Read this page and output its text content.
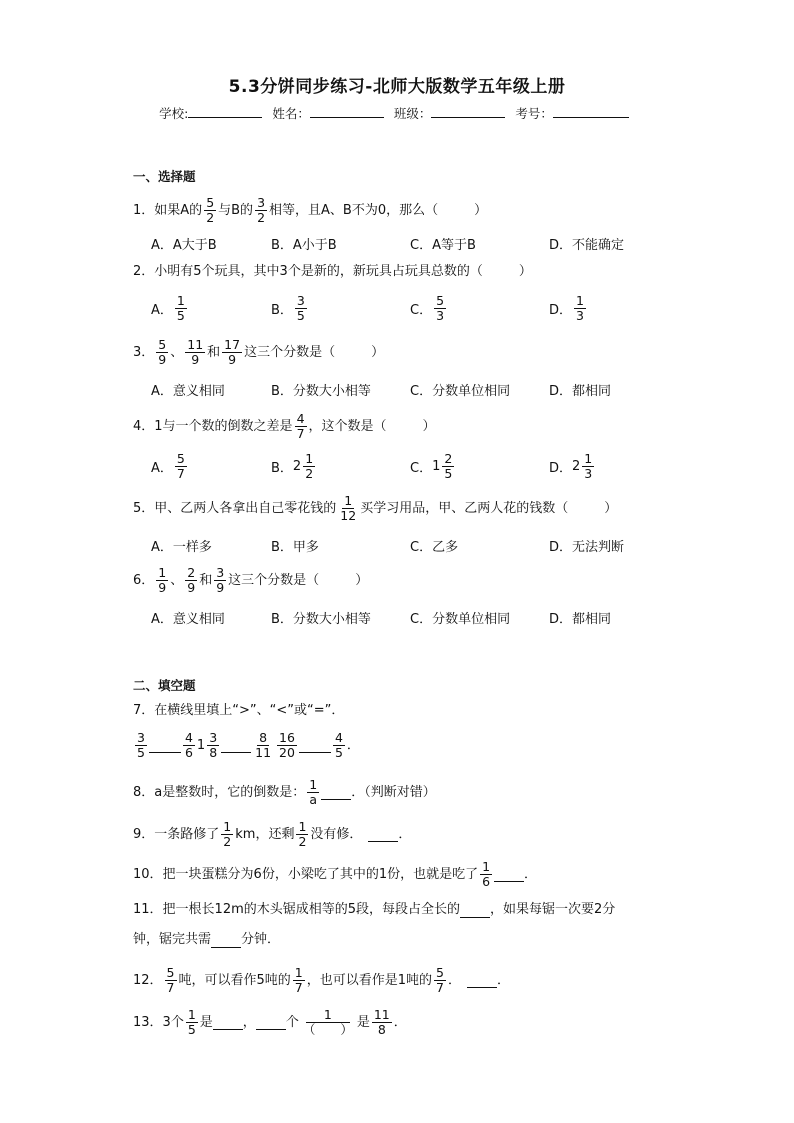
5.3分饼同步练习-北师大版数学五年级上册
学校:	姓名：	班级：	考号：
一、选择题
1． 如果A的 $\frac{5}{2}$ 与B的 $\frac{3}{2}$ 相等，且A、B不为0，那么（	）
A．A大于B	B．A小于B	C．A等于B	D．不能确定
2． 小明有5个玩具，其中3个是新的，新玩具占玩具总数的（	）
A． $\frac{1}{5}$	B． $\frac{3}{5}$	C． $\frac{5}{3}$	D． $\frac{1}{3}$
3． $\frac{5}{9}$ 、 $\frac{11}{9}$ 和 $\frac{17}{9}$ 这三个分数是（	）
A．意义相同	B．分数大小相等	C．分数单位相同	D．都相同
4． 1与一个数的倒数之差是 $\frac{4}{7}$ ，这个数是（	）
A． $\frac{5}{7}$	B． $2 \frac{1}{2}$	C． $1 \frac{2}{5}$	D． $2 \frac{1}{3}$
5． 甲、乙两人各拿出自己零花钱的 $\frac{1}{12}$ 买学习用品，甲、乙两人花的钱数（	）
A．一样多	B．甲多	C．乙多	D．无法判断
6． $\frac{1}{9}$ 、 $\frac{2}{9}$ 和 $\frac{3}{9}$ 这三个分数是（	）
A．意义相同	B．分数大小相等	C．分数单位相同	D．都相同
二、填空题
7． 在横线里填上“>”、“<”或“=”．
$\frac{3}{5}$	$\frac{4}{6} 1 \frac{3}{8}$	$\frac{8}{11} \frac{16}{20}$	$\frac{4}{5}$ ．
8． a是整数时，它的倒数是： $\frac{1}{a}$ ．（判断对错）
9． 一条路修了 $\frac{1}{2}$ km，还剩 $\frac{1}{2}$ 没有修．	．
10． 把一块蛋糕分为6份，小梁吃了其中的1份，也就是吃了 $\frac{1}{6}$ ．
11． 把一根长12m的木头锯成相等的5段，每段占全长的 ，如果每锯一次要2分
钟，锯完共需 分钟．
12． $\frac{5}{7}$ 吨，可以看作5吨的 $\frac{1}{7}$ ，也可以看作是1吨的 $\frac{5}{7}$ ．	．
13． 3个 $\frac{1}{5}$ 是 ， 个 $\frac{1}{( )}$ 是 $\frac{11}{8}$ ．
